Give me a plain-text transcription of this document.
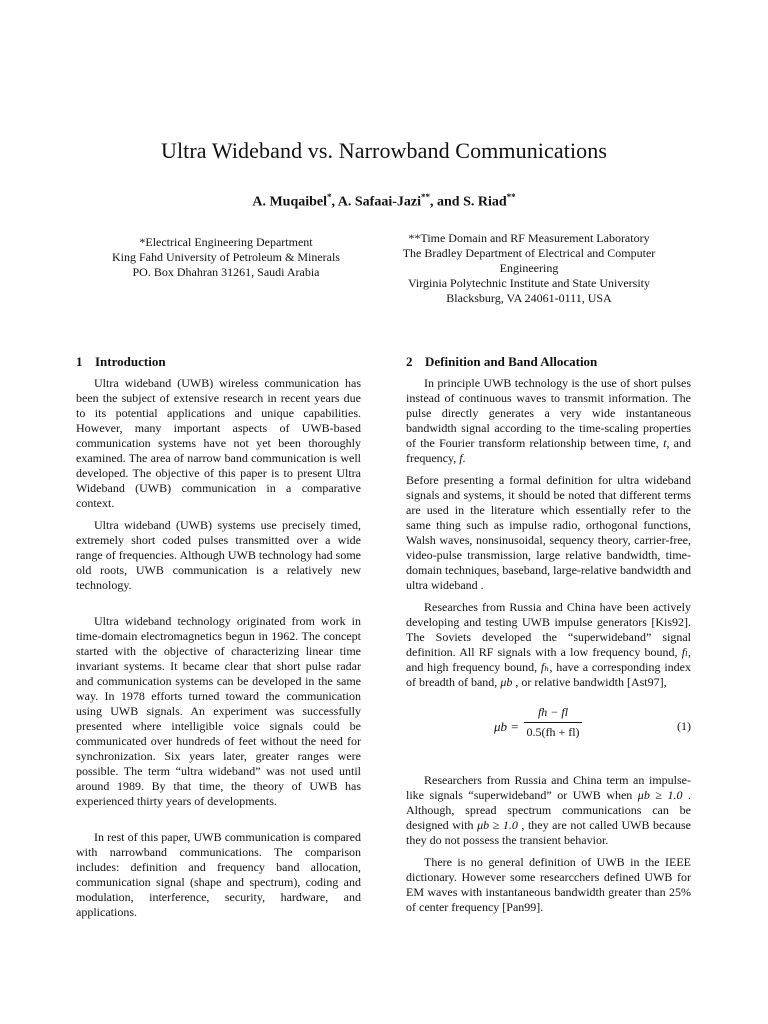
Ultra Wideband vs. Narrowband Communications
A. Muqaibel*, A. Safaai-Jazi**, and S. Riad**
*Electrical Engineering Department
King Fahd University of Petroleum & Minerals
PO. Box Dhahran 31261, Saudi Arabia
**Time Domain and RF Measurement Laboratory
The Bradley Department of Electrical and Computer Engineering
Virginia Polytechnic Institute and State University
Blacksburg, VA 24061-0111, USA
1 Introduction

Ultra wideband (UWB) wireless communication has been the subject of extensive research in recent years due to its potential applications and unique capabilities. However, many important aspects of UWB-based communication systems have not yet been thoroughly examined. The area of narrow band communication is well developed. The objective of this paper is to present Ultra Wideband (UWB) communication in a comparative context.

Ultra wideband (UWB) systems use precisely timed, extremely short coded pulses transmitted over a wide range of frequencies. Although UWB technology had some old roots, UWB communication is a relatively new technology.

Ultra wideband technology originated from work in time-domain electromagnetics begun in 1962. The concept started with the objective of characterizing linear time invariant systems. It became clear that short pulse radar and communication systems can be developed in the same way. In 1978 efforts turned toward the communication using UWB signals. An experiment was successfully presented where intelligible voice signals could be communicated over hundreds of feet without the need for synchronization. Six years later, greater ranges were possible. The term “ultra wideband” was not used until around 1989. By that time, the theory of UWB has experienced thirty years of developments.

In rest of this paper, UWB communication is compared with narrowband communications. The comparison includes: definition and frequency band allocation, communication signal (shape and spectrum), coding and modulation, interference, security, hardware, and applications.

2 Definition and Band Allocation

In principle UWB technology is the use of short pulses instead of continuous waves to transmit information. The pulse directly generates a very wide instantaneous bandwidth signal according to the time-scaling properties of the Fourier transform relationship between time, t, and frequency, f.

Before presenting a formal definition for ultra wideband signals and systems, it should be noted that different terms are used in the literature which essentially refer to the same thing such as impulse radio, orthogonal functions, Walsh waves, nonsinusoidal, sequency theory, carrier-free, video-pulse transmission, large relative bandwidth, time-domain techniques, baseband, large-relative bandwidth and ultra wideband .

Researches from Russia and China have been actively developing and testing UWB impulse generators [Kis92]. The Soviets developed the “superwideband” signal definition. All RF signals with a low frequency bound, fₗ, and high frequency bound, fₕ, have a corresponding index of breadth of band, μb , or relative bandwidth [Ast97],

$\mu b = \frac{fh - fl}{0.5(fh + fl)}$	(1)

Researchers from Russia and China term an impulse-like signals “superwideband” or UWB when μb ≥ 1.0 . Although, spread spectrum communications can be designed with μb ≥ 1.0 , they are not called UWB because they do not possess the transient behavior.

There is no general definition of UWB in the IEEE dictionary. However some researcchers defined UWB for EM waves with instantaneous bandwidth greater than 25% of center frequency [Pan99].
